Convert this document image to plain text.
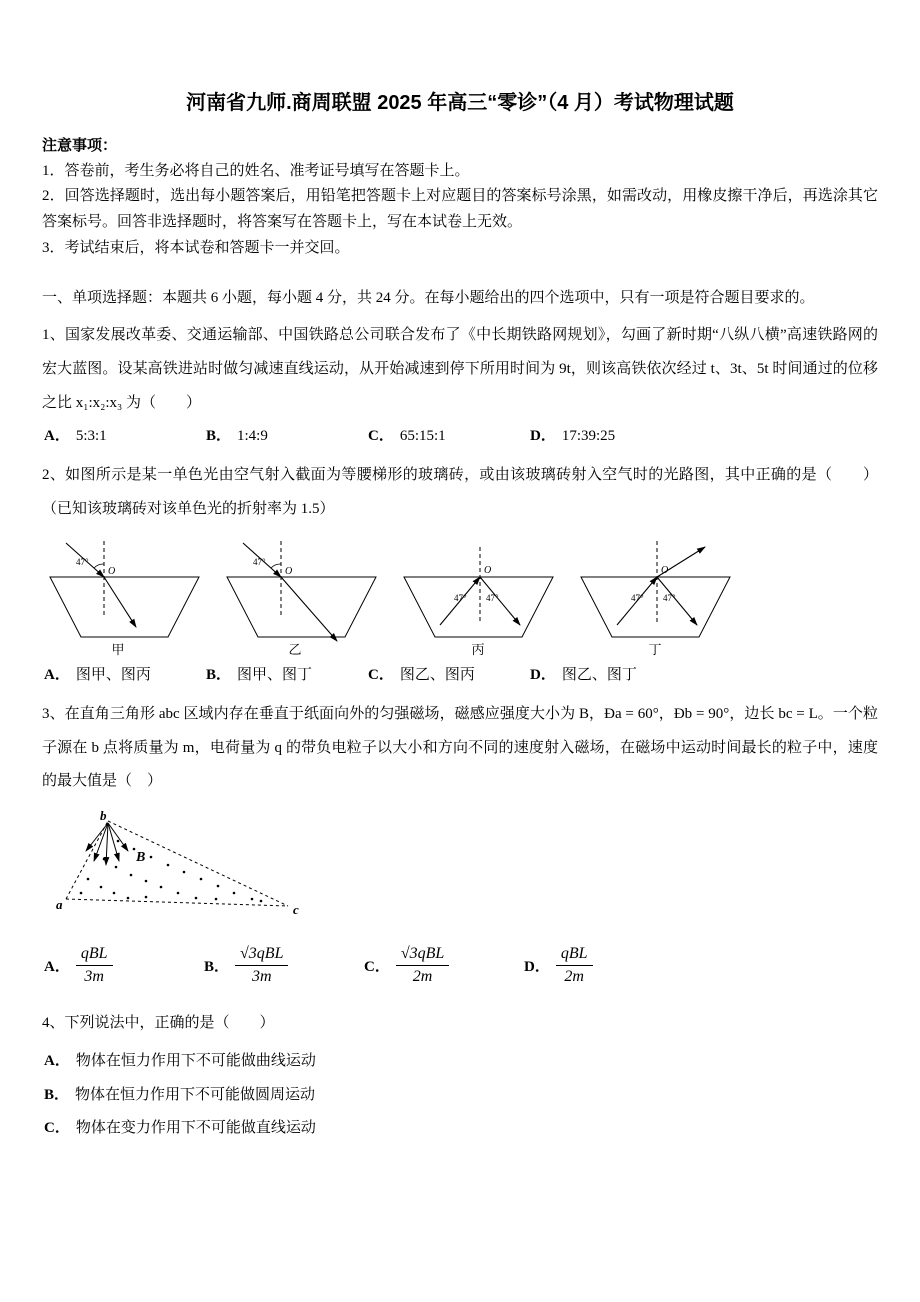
河南省九师.商周联盟 2025 年高三“零诊”（4 月）考试物理试题

注意事项：

1．答卷前，考生务必将自己的姓名、准考证号填写在答题卡上。

2．回答选择题时，选出每小题答案后，用铅笔把答题卡上对应题目的答案标号涂黑，如需改动，用橡皮擦干净后，再选涂其它答案标号。回答非选择题时，将答案写在答题卡上，写在本试卷上无效。

3．考试结束后，将本试卷和答题卡一并交回。

一、单项选择题：本题共 6 小题，每小题 4 分，共 24 分。在每小题给出的四个选项中，只有一项是符合题目要求的。

1、国家发展改革委、交通运输部、中国铁路总公司联合发布了《中长期铁路网规划》，勾画了新时期“八纵八横”高速铁路网的宏大蓝图。设某高铁进站时做匀减速直线运动，从开始减速到停下所用时间为 9t，则该高铁依次经过 t、3t、5t 时间通过的位移之比 x₁:x₂:x₃ 为（　　）

A． 5:3:1	B． 1:4:9	C． 65:15:1	D． 17:39:25

2、如图所示是某一单色光由空气射入截面为等腰梯形的玻璃砖，或由该玻璃砖射入空气时的光路图，其中正确的是（　　）（已知该玻璃砖对该单色光的折射率为 1.5）

47°
O
甲
47°
O
乙
47° 47°
O
丙
47° 47°
O
丁
A． 图甲、图丙	B． 图甲、图丁	C． 图乙、图丙	D． 图乙、图丁

3、在直角三角形 abc 区域内存在垂直于纸面向外的匀强磁场，磁感应强度大小为 B，Ða = 60°，Ðb = 90°，边长 bc = L。一个粒子源在 b 点将质量为 m，电荷量为 q 的带负电粒子以大小和方向不同的速度射入磁场，在磁场中运动时间最长的粒子中，速度的最大值是（　）

b
a	c
B
A． $\frac{\text{qBL}}{3m}$	B． $\frac{\text{√3qBL}}{3m}$	C． $\frac{\text{√3qBL}}{2m}$	D． $\frac{\text{qBL}}{2m}$

4、下列说法中，正确的是（　　）

A． 物体在恒力作用下不可能做曲线运动

B． 物体在恒力作用下不可能做圆周运动

C． 物体在变力作用下不可能做直线运动
